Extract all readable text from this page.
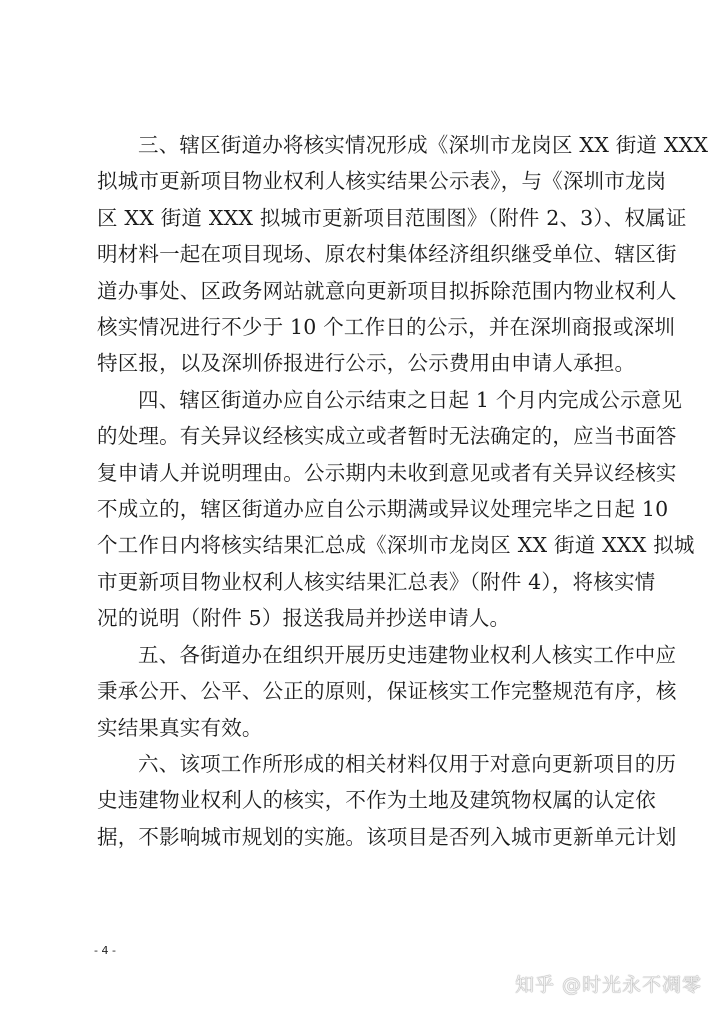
三、辖区街道办将核实情况形成《深圳市龙岗区 XX 街道 XXX
拟城市更新项目物业权利人核实结果公示表》，与《深圳市龙岗
区 XX 街道 XXX 拟城市更新项目范围图》（附件 2、3）、权属证
明材料一起在项目现场、原农村集体经济组织继受单位、辖区街
道办事处、区政务网站就意向更新项目拟拆除范围内物业权利人
核实情况进行不少于 10 个工作日的公示，并在深圳商报或深圳
特区报，以及深圳侨报进行公示，公示费用由申请人承担。

四、辖区街道办应自公示结束之日起 1 个月内完成公示意见
的处理。有关异议经核实成立或者暂时无法确定的，应当书面答
复申请人并说明理由。公示期内未收到意见或者有关异议经核实
不成立的，辖区街道办应自公示期满或异议处理完毕之日起 10
个工作日内将核实结果汇总成《深圳市龙岗区 XX 街道 XXX 拟城
市更新项目物业权利人核实结果汇总表》（附件 4），将核实情
况的说明（附件 5）报送我局并抄送申请人。

五、各街道办在组织开展历史违建物业权利人核实工作中应
秉承公开、公平、公正的原则，保证核实工作完整规范有序，核
实结果真实有效。

六、该项工作所形成的相关材料仅用于对意向更新项目的历
史违建物业权利人的核实，不作为土地及建筑物权属的认定依
据，不影响城市规划的实施。该项目是否列入城市更新单元计划

- 4 -
知乎 @时光永不凋零
